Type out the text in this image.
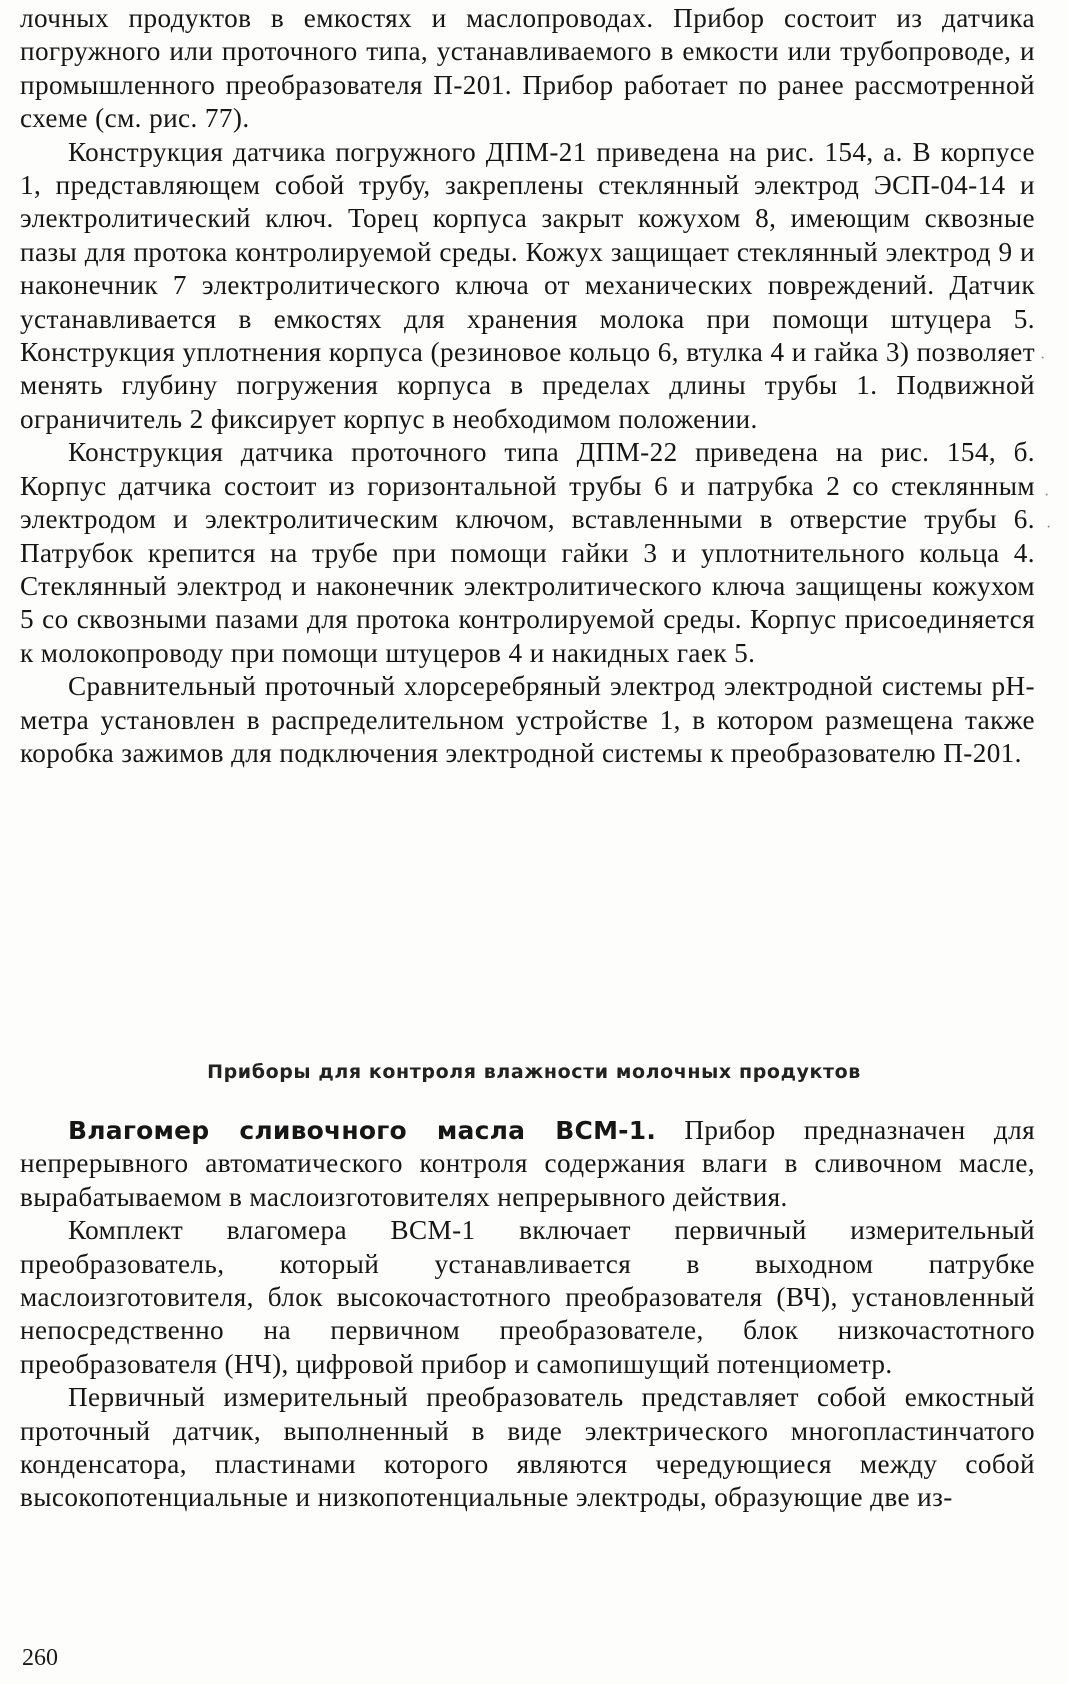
лочных продуктов в емкостях и маслопроводах. Прибор состоит из датчика погружного или проточного типа, устанавливаемого в емкости или трубопроводе, и промышленного преобразователя П-201. Прибор работает по ранее рассмотренной схеме (см. рис. 77).

Конструкция датчика погружного ДПМ-21 приведена на рис. 154, а. В корпусе 1, представляющем собой трубу, закреплены стеклянный электрод ЭСП-04-14 и электролитический ключ. Торец корпуса закрыт кожухом 8, имеющим сквозные пазы для протока контролируемой среды. Кожух защищает стеклянный электрод 9 и наконечник 7 электролитического ключа от механических повреждений. Датчик устанавливается в емкостях для хранения молока при помощи штуцера 5. Конструкция уплотнения корпуса (резиновое кольцо 6, втулка 4 и гайка 3) позволяет менять глубину погружения корпуса в пределах длины трубы 1. Подвижной ограничитель 2 фиксирует корпус в необходимом положении.

Конструкция датчика проточного типа ДПМ-22 приведена на рис. 154, б. Корпус датчика состоит из горизонтальной трубы 6 и патрубка 2 со стеклянным электродом и электролитическим ключом, вставленными в отверстие трубы 6. Патрубок крепится на трубе при помощи гайки 3 и уплотнительного кольца 4. Стеклянный электрод и наконечник электролитического ключа защищены кожухом 5 со сквозными пазами для протока контролируемой среды. Корпус присоединяется к молокопроводу при помощи штуцеров 4 и накидных гаек 5.

Сравнительный проточный хлорсеребряный электрод электродной системы pH-метра установлен в распределительном устройстве 1, в котором размещена также коробка зажимов для подключения электродной системы к преобразователю П-201.

Приборы для контроля влажности молочных продуктов

Влагомер сливочного масла ВСМ-1. Прибор предназначен для непрерывного автоматического контроля содержания влаги в сливочном масле, вырабатываемом в маслоизготовителях непрерывного действия.

Комплект влагомера ВСМ-1 включает первичный измерительный преобразователь, который устанавливается в выходном патрубке маслоизготовителя, блок высокочастотного преобразователя (ВЧ), установленный непосредственно на первичном преобразователе, блок низкочастотного преобразователя (НЧ), цифровой прибор и самопишущий потенциометр.

Первичный измерительный преобразователь представляет собой емкостный проточный датчик, выполненный в виде электрического многопластинчатого конденсатора, пластинами которого являются чередующиеся между собой высокопотенциальные и низкопотенциальные электроды, образующие две из-

·
·
·
260
